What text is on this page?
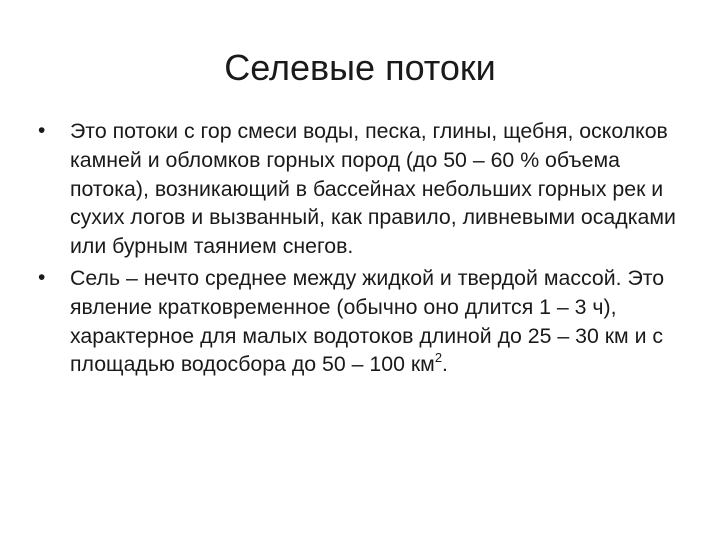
Селевые потоки
•	Это потоки с гор смеси воды, песка, глины, щебня, осколков камней и обломков горных пород (до 50 – 60 % объема потока), возникающий в бассейнах небольших горных рек и сухих логов и вызванный, как правило, ливневыми осадками или бурным таянием снегов.
•	Сель – нечто среднее между жидкой и твердой массой. Это явление кратковременное (обычно оно длится 1 – 3 ч), характерное для малых водотоков длиной до 25 – 30 км и с площадью водосбора до 50 – 100 $км^2$.
